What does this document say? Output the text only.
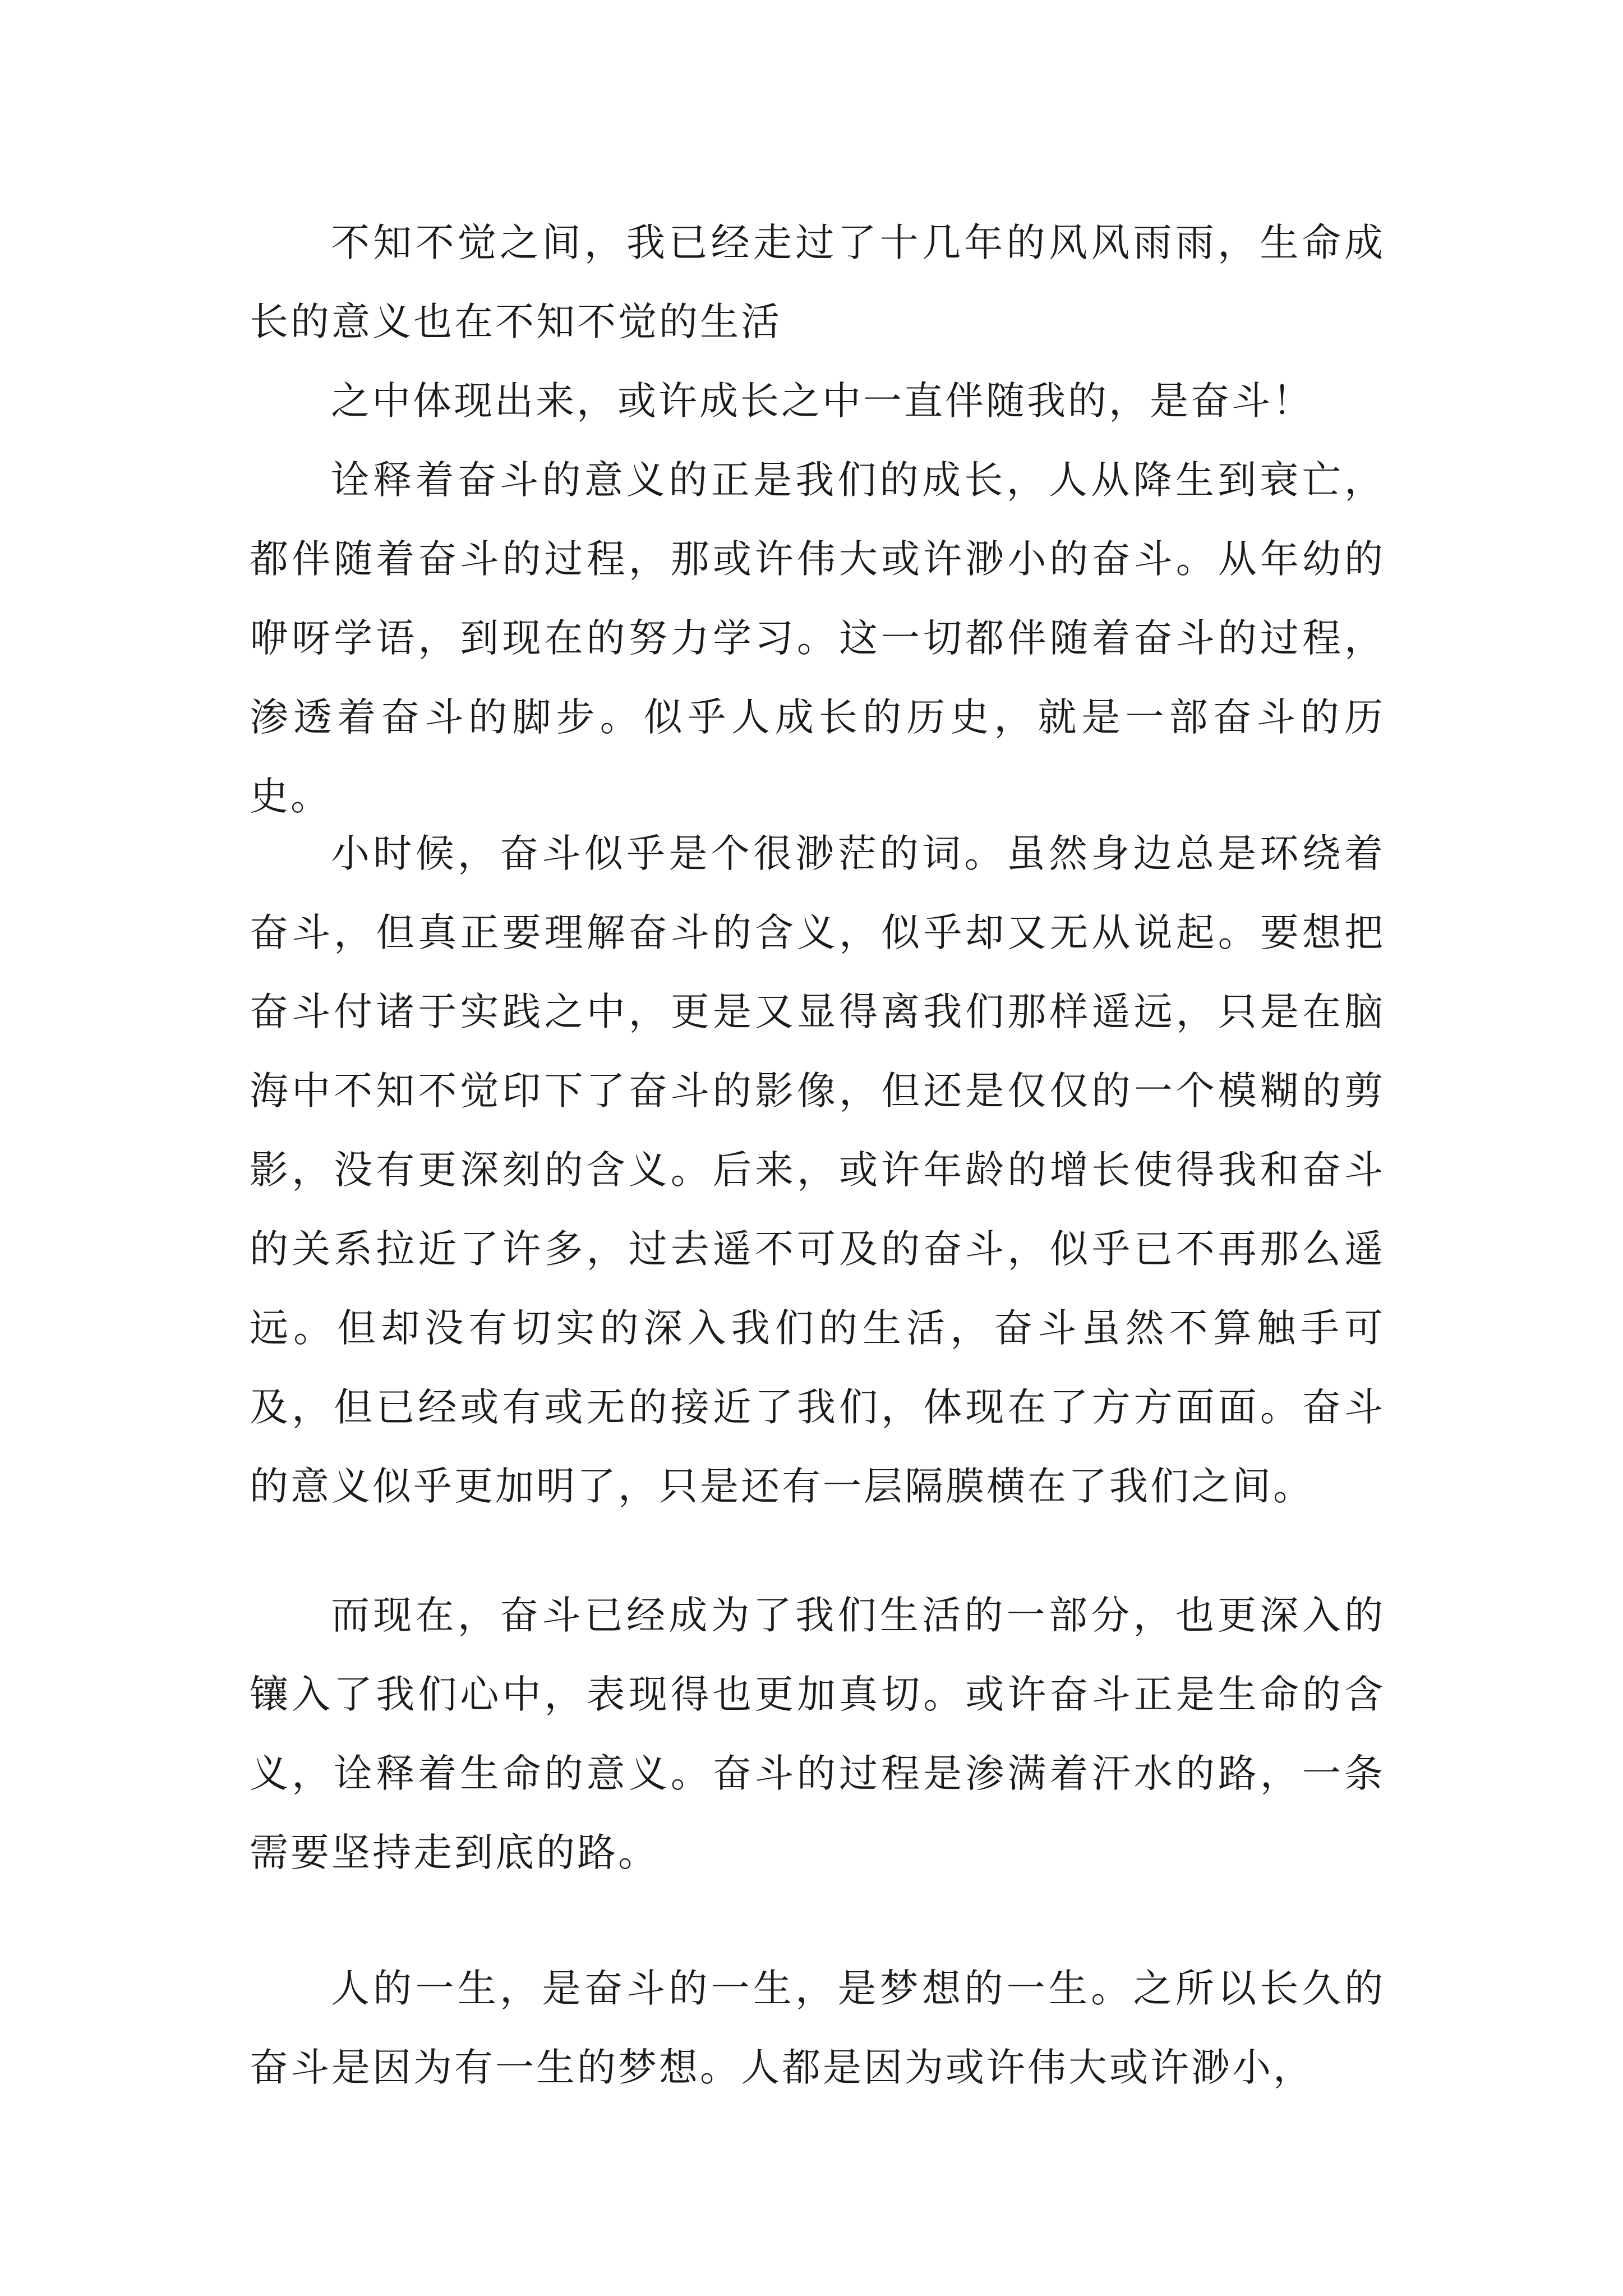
不知不觉之间，我已经走过了十几年的风风雨雨，生命成长的意义也在不知不觉的生活

之中体现出来，或许成长之中一直伴随我的，是奋斗！

诠释着奋斗的意义的正是我们的成长，人从降生到衰亡，都伴随着奋斗的过程，那或许伟大或许渺小的奋斗。从年幼的咿呀学语，到现在的努力学习。这一切都伴随着奋斗的过程，渗透着奋斗的脚步。似乎人成长的历史，就是一部奋斗的历史。

小时候，奋斗似乎是个很渺茫的词。虽然身边总是环绕着奋斗，但真正要理解奋斗的含义，似乎却又无从说起。要想把奋斗付诸于实践之中，更是又显得离我们那样遥远，只是在脑海中不知不觉印下了奋斗的影像，但还是仅仅的一个模糊的剪影，没有更深刻的含义。后来，或许年龄的增长使得我和奋斗的关系拉近了许多，过去遥不可及的奋斗，似乎已不再那么遥远。但却没有切实的深入我们的生活，奋斗虽然不算触手可及，但已经或有或无的接近了我们，体现在了方方面面。奋斗的意义似乎更加明了，只是还有一层隔膜横在了我们之间。

而现在，奋斗已经成为了我们生活的一部分，也更深入的镶入了我们心中，表现得也更加真切。或许奋斗正是生命的含义，诠释着生命的意义。奋斗的过程是渗满着汗水的路，一条需要坚持走到底的路。

人的一生，是奋斗的一生，是梦想的一生。之所以长久的奋斗是因为有一生的梦想。人都是因为或许伟大或许渺小，
